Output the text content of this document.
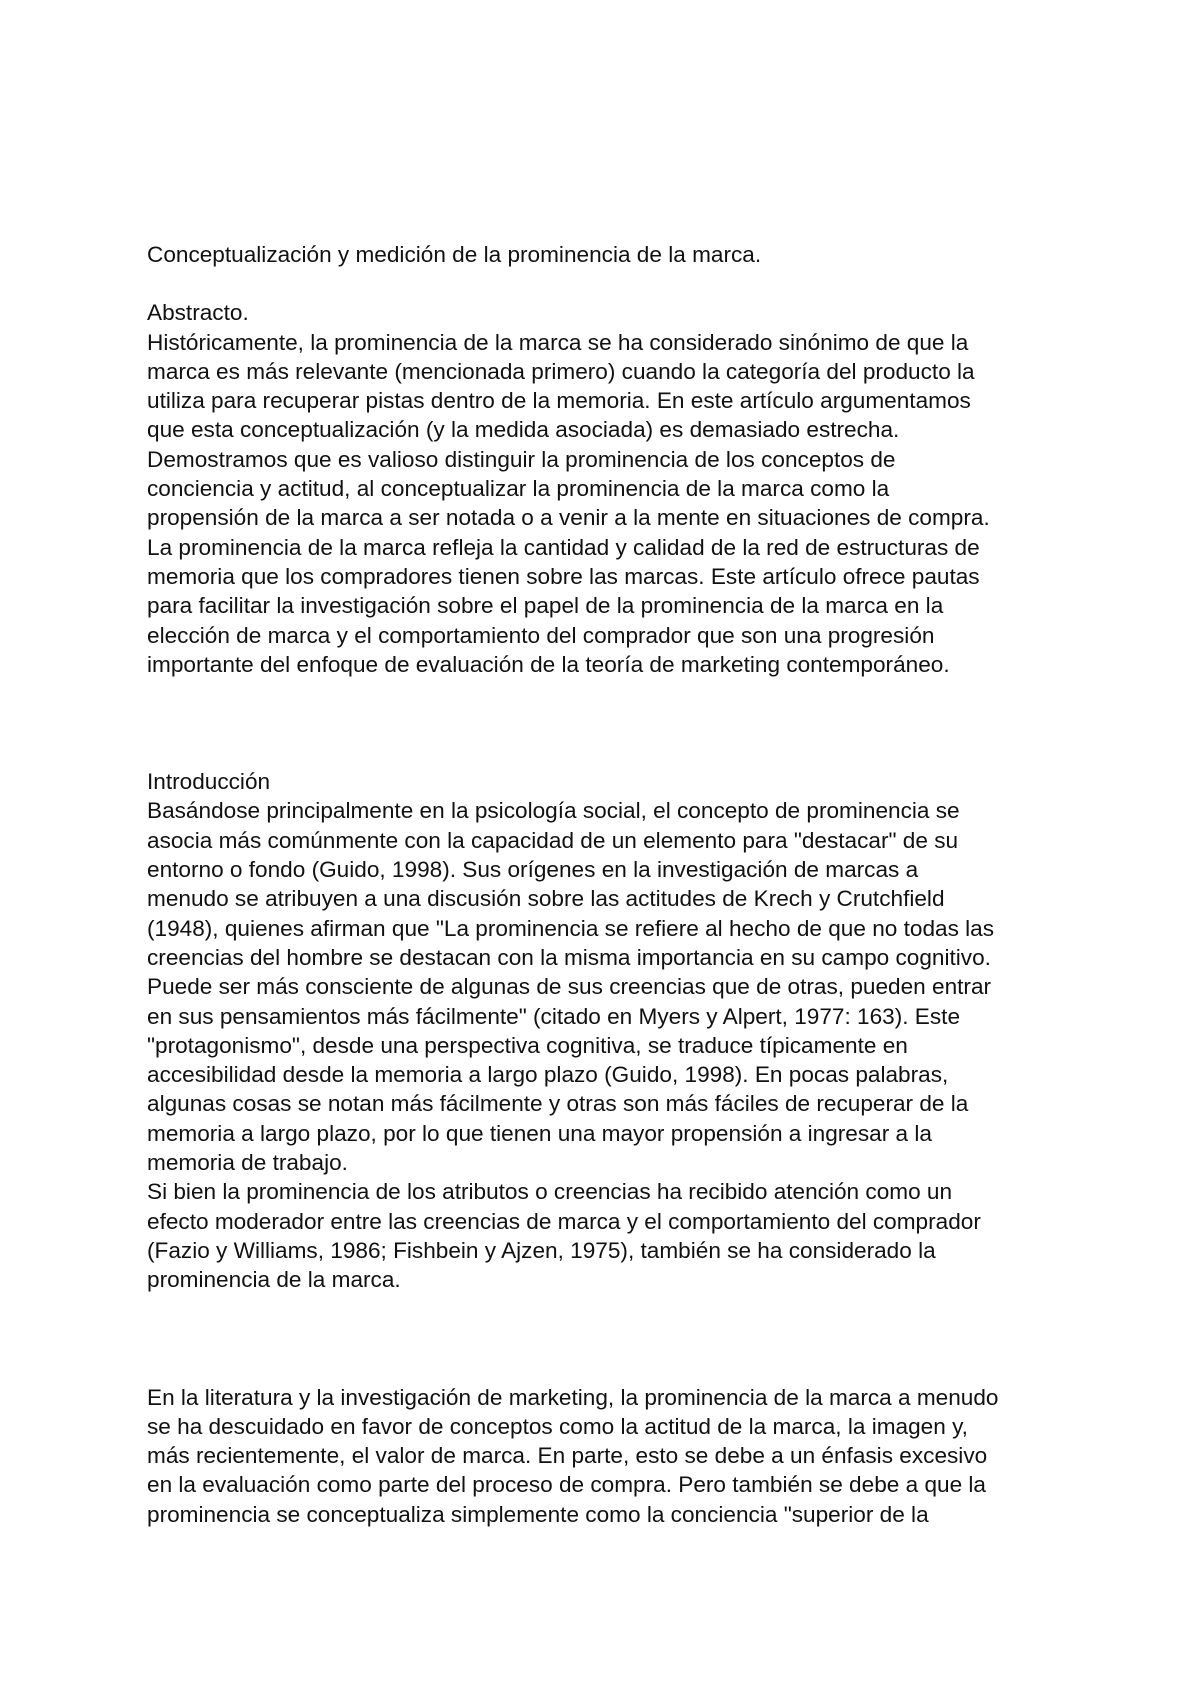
Conceptualización y medición de la prominencia de la marca.

Abstracto.

Históricamente, la prominencia de la marca se ha considerado sinónimo de que la
marca es más relevante (mencionada primero) cuando la categoría del producto la
utiliza para recuperar pistas dentro de la memoria. En este artículo argumentamos
que esta conceptualización (y la medida asociada) es demasiado estrecha.
Demostramos que es valioso distinguir la prominencia de los conceptos de
conciencia y actitud, al conceptualizar la prominencia de la marca como la
propensión de la marca a ser notada o a venir a la mente en situaciones de compra.
La prominencia de la marca refleja la cantidad y calidad de la red de estructuras de
memoria que los compradores tienen sobre las marcas. Este artículo ofrece pautas
para facilitar la investigación sobre el papel de la prominencia de la marca en la
elección de marca y el comportamiento del comprador que son una progresión
importante del enfoque de evaluación de la teoría de marketing contemporáneo.

Introducción

Basándose principalmente en la psicología social, el concepto de prominencia se
asocia más comúnmente con la capacidad de un elemento para "destacar" de su
entorno o fondo (Guido, 1998). Sus orígenes en la investigación de marcas a
menudo se atribuyen a una discusión sobre las actitudes de Krech y Crutchfield
(1948), quienes afirman que "La prominencia se refiere al hecho de que no todas las
creencias del hombre se destacan con la misma importancia en su campo cognitivo.
Puede ser más consciente de algunas de sus creencias que de otras, pueden entrar
en sus pensamientos más fácilmente" (citado en Myers y Alpert, 1977: 163). Este
"protagonismo", desde una perspectiva cognitiva, se traduce típicamente en
accesibilidad desde la memoria a largo plazo (Guido, 1998). En pocas palabras,
algunas cosas se notan más fácilmente y otras son más fáciles de recuperar de la
memoria a largo plazo, por lo que tienen una mayor propensión a ingresar a la
memoria de trabajo.
Si bien la prominencia de los atributos o creencias ha recibido atención como un
efecto moderador entre las creencias de marca y el comportamiento del comprador
(Fazio y Williams, 1986; Fishbein y Ajzen, 1975), también se ha considerado la
prominencia de la marca.
En la literatura y la investigación de marketing, la prominencia de la marca a menudo
se ha descuidado en favor de conceptos como la actitud de la marca, la imagen y,
más recientemente, el valor de marca. En parte, esto se debe a un énfasis excesivo
en la evaluación como parte del proceso de compra. Pero también se debe a que la
prominencia se conceptualiza simplemente como la conciencia "superior de la
